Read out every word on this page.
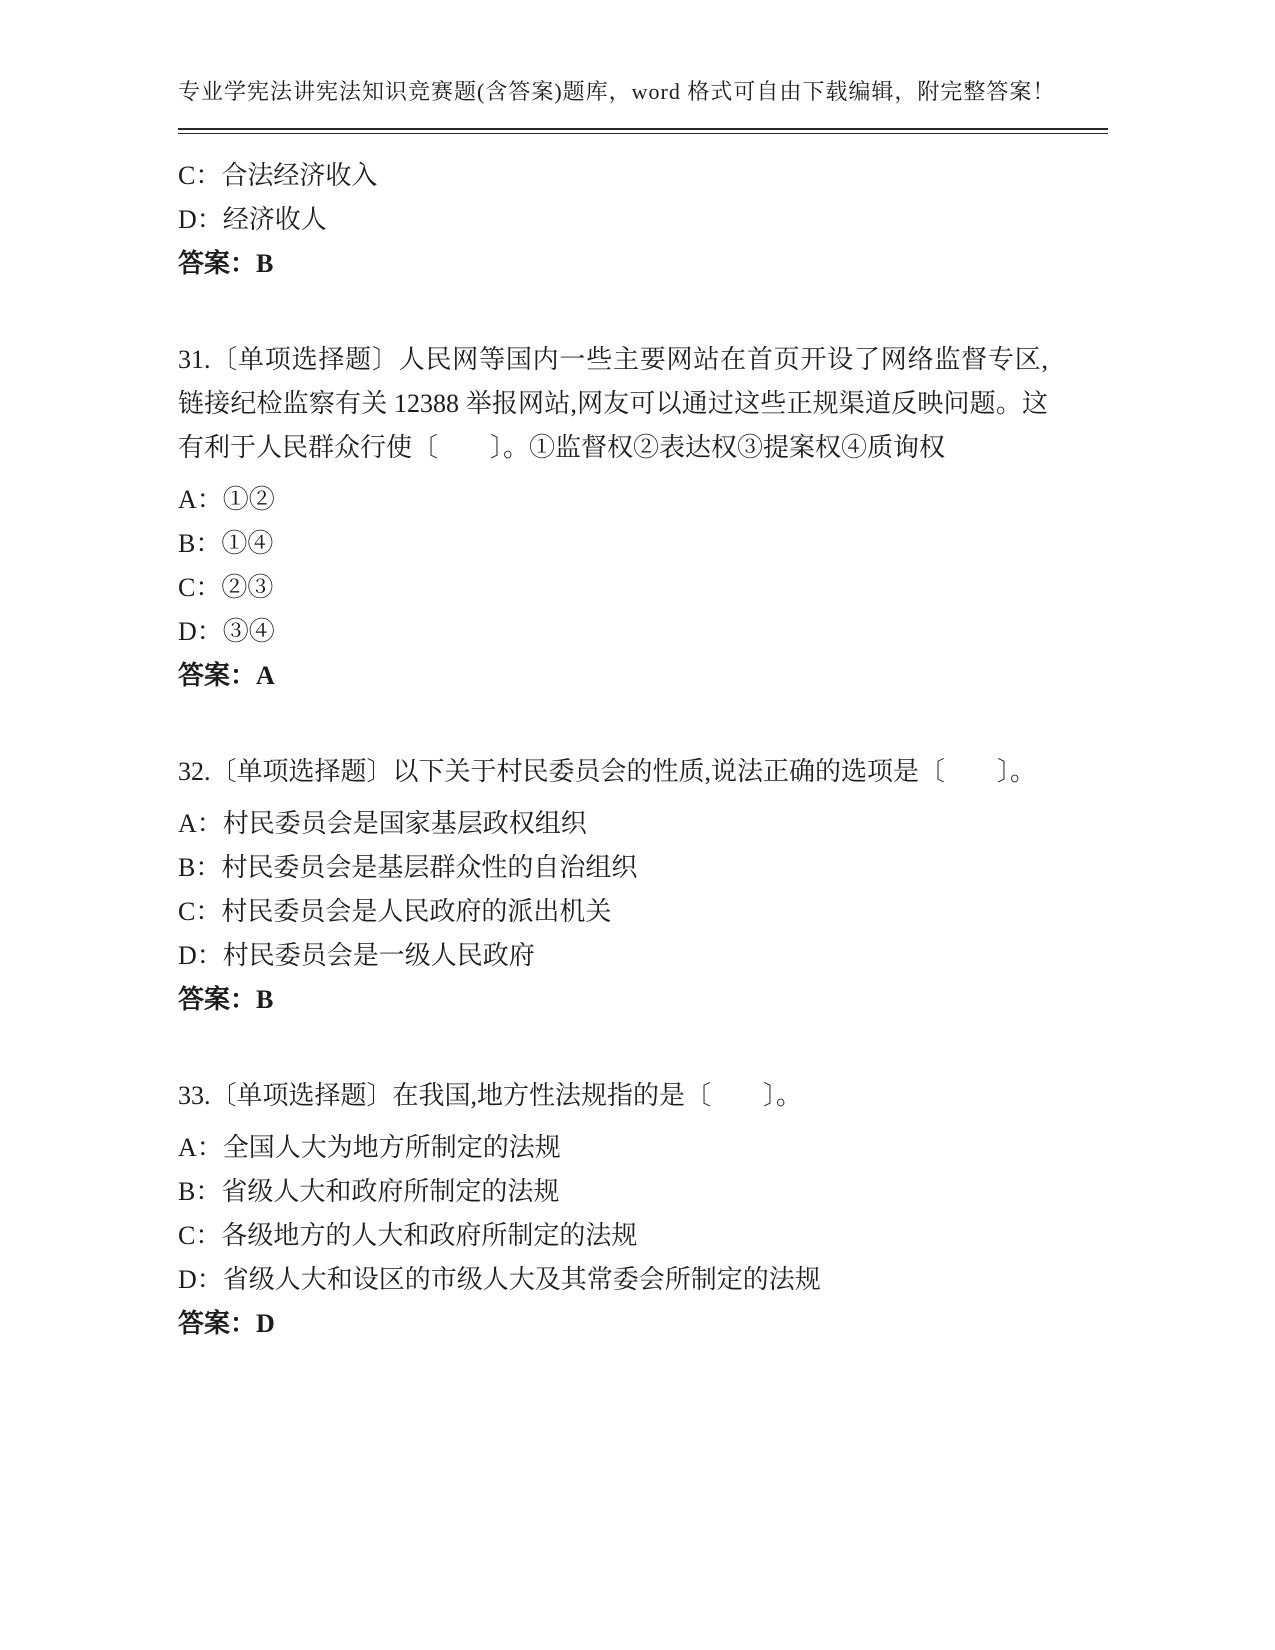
专业学宪法讲宪法知识竞赛题(含答案)题库，word 格式可自由下载编辑，附完整答案！

C：合法经济收入

D：经济收人

答案：B

31.〔单项选择题〕人民网等国内一些主要网站在首页开设了网络监督专区,链接纪检监察有关 12388 举报网站,网友可以通过这些正规渠道反映问题。这有利于人民群众行使〔　　〕。①监督权②表达权③提案权④质询权

A：①②

B：①④

C：②③

D：③④

答案：A

32.〔单项选择题〕以下关于村民委员会的性质,说法正确的选项是〔　　〕。

A：村民委员会是国家基层政权组织

B：村民委员会是基层群众性的自治组织

C：村民委员会是人民政府的派出机关

D：村民委员会是一级人民政府

答案：B

33.〔单项选择题〕在我国,地方性法规指的是〔　　〕。

A：全国人大为地方所制定的法规

B：省级人大和政府所制定的法规

C：各级地方的人大和政府所制定的法规

D：省级人大和设区的市级人大及其常委会所制定的法规

答案：D
